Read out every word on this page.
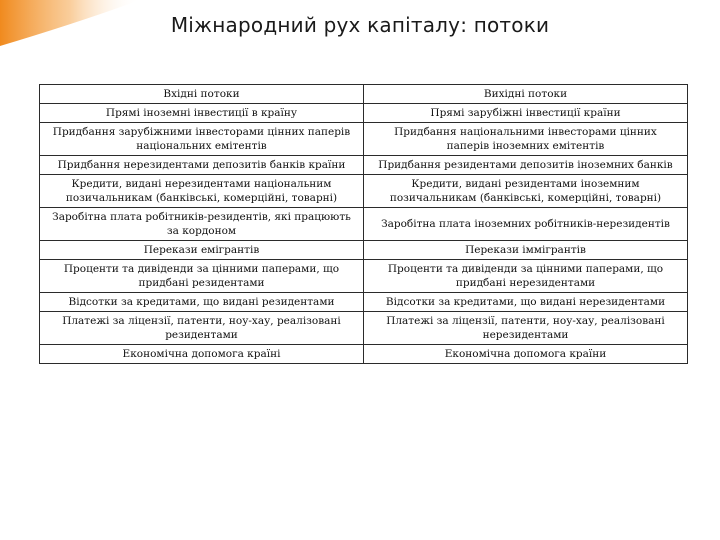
Міжнародний рух капіталу: потоки
Вхідні потоки	Вихідні потоки
Прямі іноземні інвестиції в країну	Прямі зарубіжні інвестиції країни
Придбання зарубіжними інвесторами цінних паперів національних емітентів	Придбання національними інвесторами цінних паперів іноземних емітентів
Придбання нерезидентами депозитів банків країни	Придбання резидентами депозитів іноземних банків
Кредити, видані нерезидентами національним позичальникам (банківські, комерційні, товарні)	Кредити, видані резидентами іноземним позичальникам (банківські, комерційні, товарні)
Заробітна плата робітників-резидентів, які працюють за кордоном	Заробітна плата іноземних робітників-нерезидентів
Перекази емігрантів	Перекази іммігрантів
Проценти та дивіденди за цінними паперами, що придбані резидентами	Проценти та дивіденди за цінними паперами, що придбані нерезидентами
Відсотки за кредитами, що видані резидентами	Відсотки за кредитами, що видані нерезидентами
Платежі за ліцензії, патенти, ноу-хау, реалізовані резидентами	Платежі за ліцензії, патенти, ноу-хау, реалізовані нерезидентами
Економічна допомога країні	Економічна допомога країни
